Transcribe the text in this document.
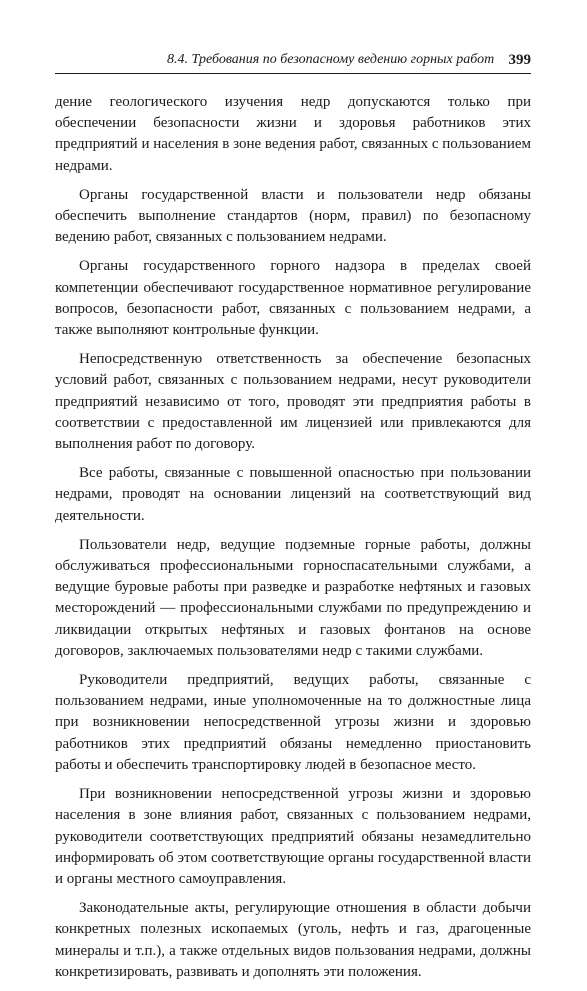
8.4. Требования по безопасному ведению горных работ 399

дение геологического изучения недр допускаются только при обеспечении безопасности жизни и здоровья работников этих предприятий и населения в зоне ведения работ, связанных с пользованием недрами.

Органы государственной власти и пользователи недр обязаны обеспечить выполнение стандартов (норм, правил) по безопасному ведению работ, связанных с пользованием недрами.

Органы государственного горного надзора в пределах своей компетенции обеспечивают государственное нормативное регулирование вопросов, безопасности работ, связанных с пользованием недрами, а также выполняют контрольные функции.

Непосредственную ответственность за обеспечение безопасных условий работ, связанных с пользованием недрами, несут руководители предприятий независимо от того, проводят эти предприятия работы в соответствии с предоставленной им лицензией или привлекаются для выполнения работ по договору.

Все работы, связанные с повышенной опасностью при пользовании недрами, проводят на основании лицензий на соответствующий вид деятельности.

Пользователи недр, ведущие подземные горные работы, должны обслуживаться профессиональными горноспасательными службами, а ведущие буровые работы при разведке и разработке нефтяных и газовых месторождений — профессиональными службами по предупреждению и ликвидации открытых нефтяных и газовых фонтанов на основе договоров, заключаемых пользователями недр с такими службами.

Руководители предприятий, ведущих работы, связанные с пользованием недрами, иные уполномоченные на то должностные лица при возникновении непосредственной угрозы жизни и здоровью работников этих предприятий обязаны немедленно приостановить работы и обеспечить транспортировку людей в безопасное место.

При возникновении непосредственной угрозы жизни и здоровью населения в зоне влияния работ, связанных с пользованием недрами, руководители соответствующих предприятий обязаны незамедлительно информировать об этом соответствующие органы государственной власти и органы местного самоуправления.

Законодательные акты, регулирующие отношения в области добычи конкретных полезных ископаемых (уголь, нефть и газ, драгоценные минералы и т.п.), а также отдельных видов пользования недрами, должны конкретизировать, развивать и дополнять эти положения.
